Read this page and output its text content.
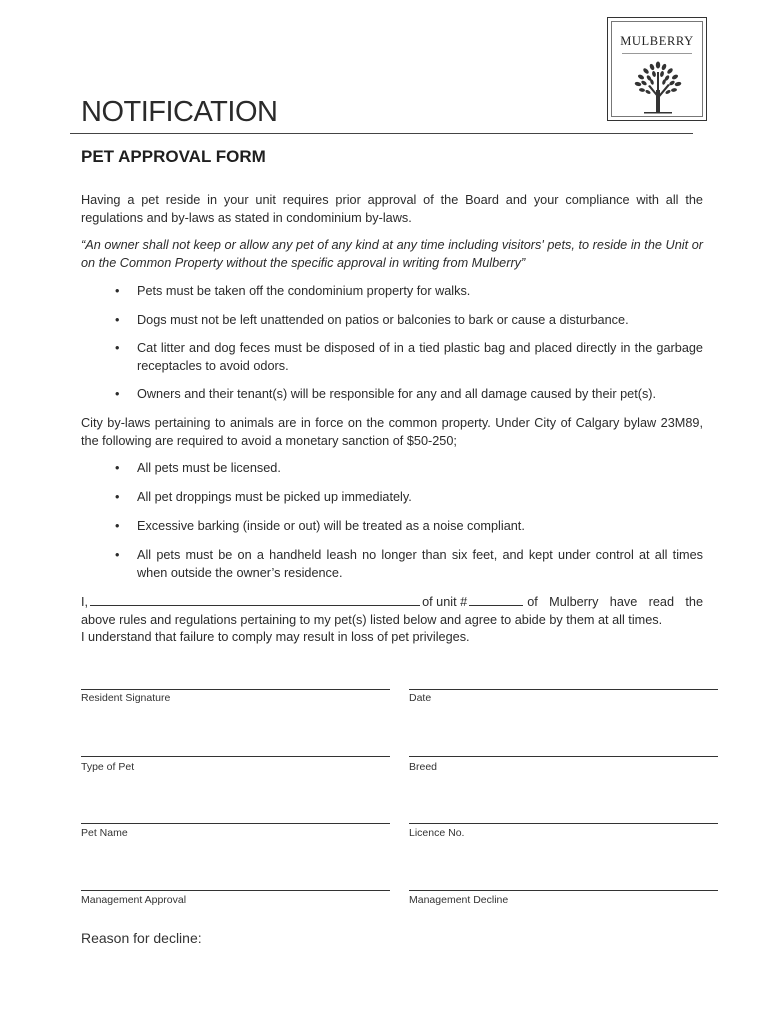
MULBERRY
NOTIFICATION
PET APPROVAL FORM

Having a pet reside in your unit requires prior approval of the Board and your compliance with all the regulations and by-laws as stated in condominium by-laws.

“An owner shall not keep or allow any pet of any kind at any time including visitors' pets, to reside in the Unit or on the Common Property without the specific approval in writing from Mulberry”

•	Pets must be taken off the condominium property for walks.
•	Dogs must not be left unattended on patios or balconies to bark or cause a disturbance.
•	Cat litter and dog feces must be disposed of in a tied plastic bag and placed directly in the garbage receptacles to avoid odors.
•	Owners and their tenant(s) will be responsible for any and all damage caused by their pet(s).

City by-laws pertaining to animals are in force on the common property. Under City of Calgary bylaw 23M89, the following are required to avoid a monetary sanction of $50-250;

•	All pets must be licensed.
•	All pet droppings must be picked up immediately.
•	Excessive barking (inside or out) will be treated as a noise compliant.
•	All pets must be on a handheld leash no longer than six feet, and kept under control at all times when outside the owner’s residence.
I,	of unit #	of Mulberry have read the
above rules and regulations pertaining to my pet(s) listed below and agree to abide by them at all times.
I understand that failure to comply may result in loss of pet privileges.
Resident Signature	Date
Type of Pet	Breed
Pet Name	Licence No.
Management Approval	Management Decline
Reason for decline:
